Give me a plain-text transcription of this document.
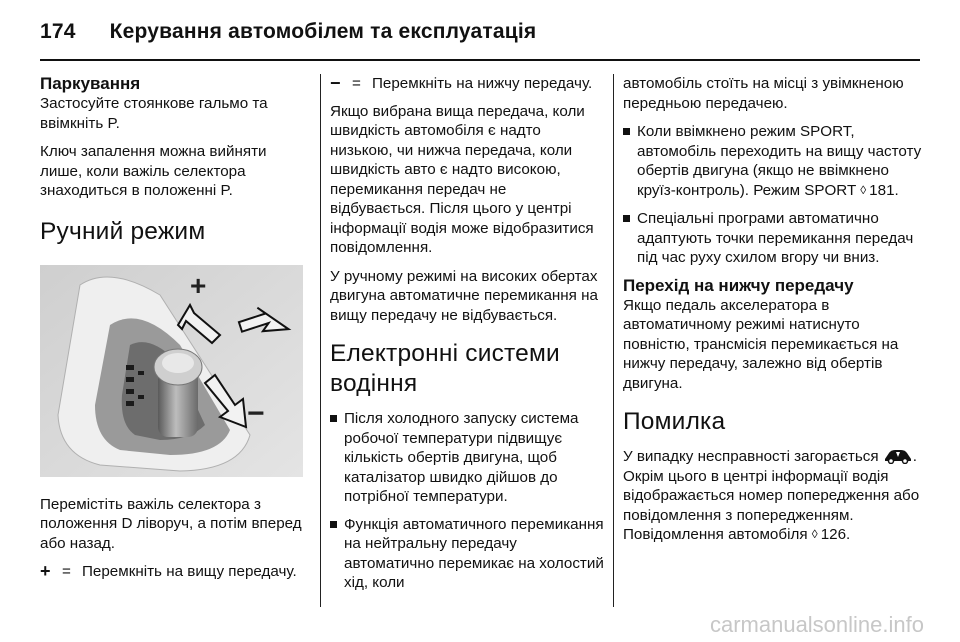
174 Керування автомобілем та експлуатація
Паркування

Застосуйте стоянкове гальмо та ввімкніть P.

Ключ запалення можна вийняти лише, коли важіль селектора знаходиться в положенні P.

Ручний режим
+
−

Перемістіть важіль селектора з положення D ліворуч, а потім вперед або назад.

+ = Перемкніть на вищу передачу.
− = Перемкніть на нижчу передачу.

Якщо вибрана вища передача, коли швидкість автомобіля є надто низькою, чи нижча передача, коли швидкість авто є надто високою, перемикання передач не відбувається. Після цього у центрі інформації водія може відобразитися повідомлення.

У ручному режимі на високих обертах двигуна автоматичне перемикання на вищу передачу не відбувається.

Електронні системи водіння
Після холодного запуску система робочої температури підвищує кількість обертів двигуна, щоб каталізатор швидко дійшов до потрібної температури.
Функція автоматичного перемикання на нейтральну передачу автоматично перемикає на холостий хід, коли

автомобіль стоїть на місці з увімкненою передньою передачею.

Коли ввімкнено режим SPORT, автомобіль переходить на вищу частоту обертів двигуна (якщо не ввімкнено круїз-контроль). Режим SPORT ◊ 181.
Спеціальні програми автоматично адаптують точки перемикання передач під час руху схилом вгору чи вниз.
Перехід на нижчу передачу

Якщо педаль акселератора в автоматичному режимі натиснуто повністю, трансмісія перемикається на нижчу передачу, залежно від обертів двигуна.

Помилка

У випадку несправності загорається . Окрім цього в центрі інформації водія відображається номер попередження або повідомлення з попередженням. Повідомлення автомобіля ◊ 126.

carmanualsonline.info
